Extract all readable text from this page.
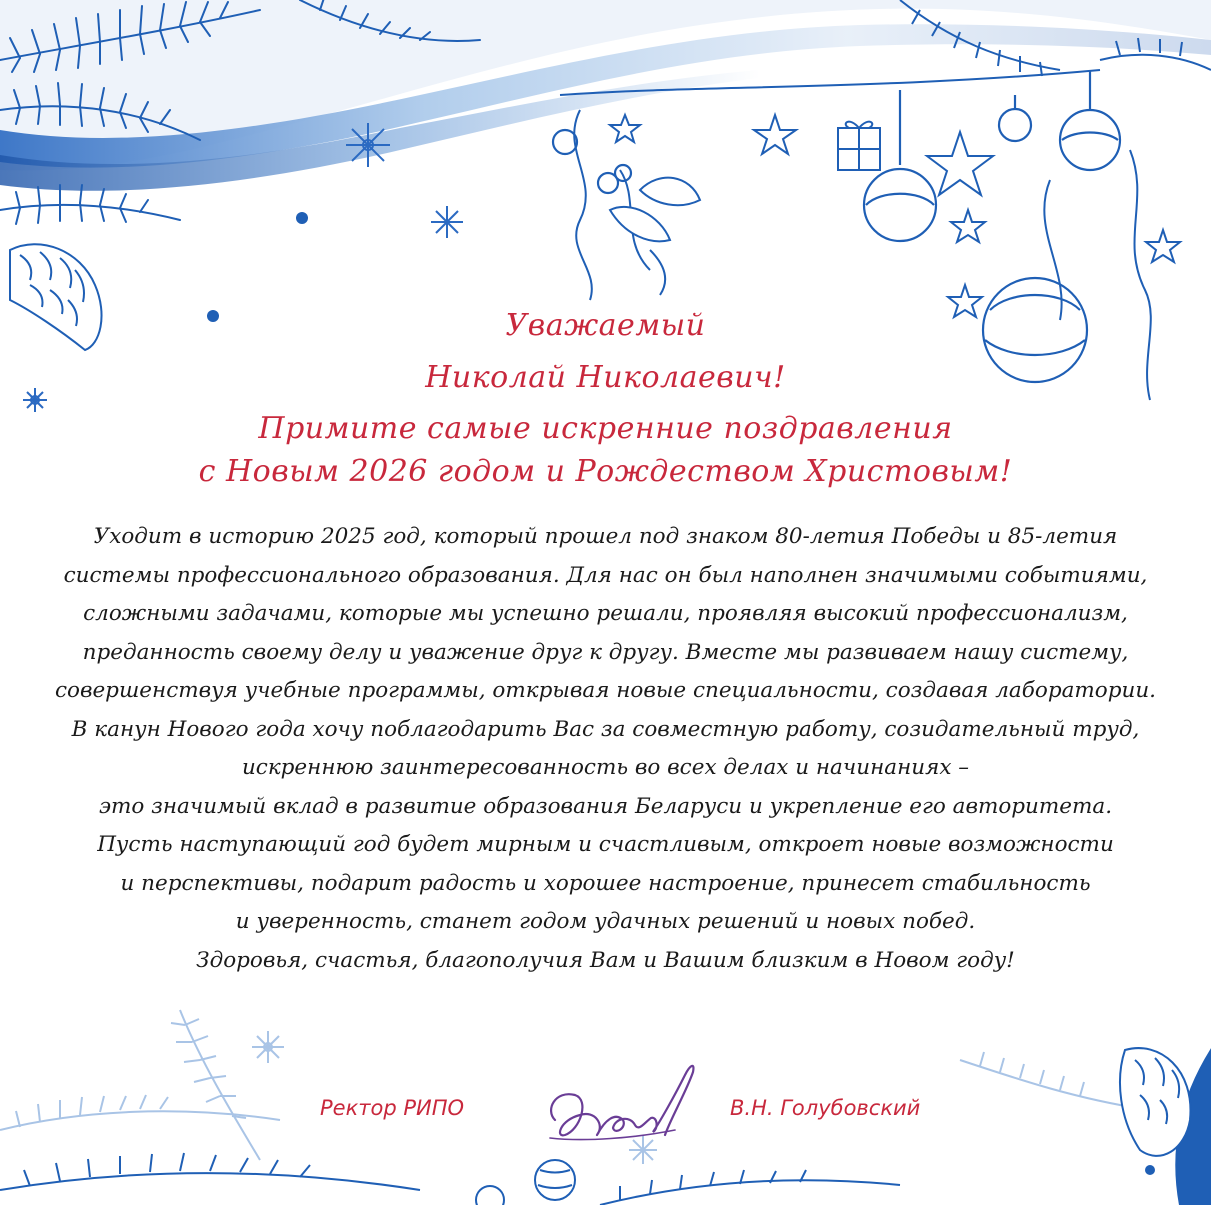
Уважаемый
Николай Николаевич!
Примите самые искренние поздравления
с Новым 2026 годом и Рождеством Христовым!
Уходит в историю 2025 год, который прошел под знаком 80-летия Победы и 85-летия
системы профессионального образования. Для нас он был наполнен значимыми событиями,
сложными задачами, которые мы успешно решали, проявляя высокий профессионализм,
преданность своему делу и уважение друг к другу. Вместе мы развиваем нашу систему,
совершенствуя учебные программы, открывая новые специальности, создавая лаборатории.
В канун Нового года хочу поблагодарить Вас за совместную работу, созидательный труд,
искреннюю заинтересованность во всех делах и начинаниях –
это значимый вклад в развитие образования Беларуси и укрепление его авторитета.
Пусть наступающий год будет мирным и счастливым, откроет новые возможности
и перспективы, подарит радость и хорошее настроение, принесет стабильность
и уверенность, станет годом удачных решений и новых побед.
Здоровья, счастья, благополучия Вам и Вашим близким в Новом году!
Ректор РИПО	В.Н. Голубовский
